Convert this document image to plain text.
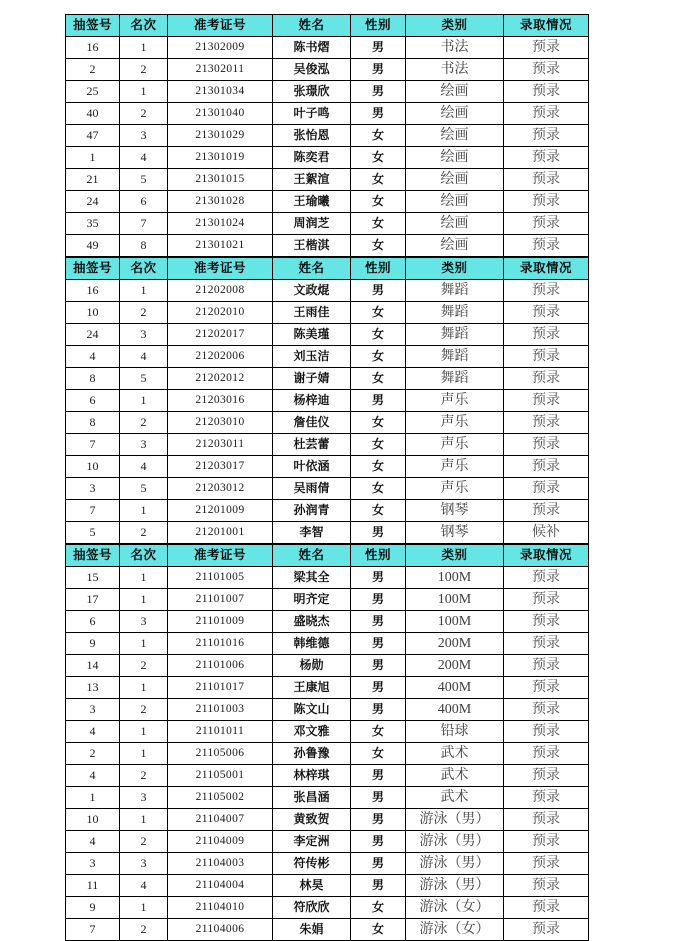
抽签号	名次	准考证号	姓名	性别	类别	录取情况
16	1	21302009	陈书熠	男	书法	预录
2	2	21302011	吴俊泓	男	书法	预录
25	1	21301034	张璟欣	男	绘画	预录
40	2	21301040	叶子鸣	男	绘画	预录
47	3	21301029	张怡恩	女	绘画	预录
1	4	21301019	陈奕君	女	绘画	预录
21	5	21301015	王絮渲	女	绘画	预录
24	6	21301028	王瑜曦	女	绘画	预录
35	7	21301024	周润芝	女	绘画	预录
49	8	21301021	王楷淇	女	绘画	预录
抽签号	名次	准考证号	姓名	性别	类别	录取情况
16	1	21202008	文政焜	男	舞蹈	预录
10	2	21202010	王雨佳	女	舞蹈	预录
24	3	21202017	陈美瑾	女	舞蹈	预录
4	4	21202006	刘玉洁	女	舞蹈	预录
8	5	21202012	谢子婧	女	舞蹈	预录
6	1	21203016	杨梓迪	男	声乐	预录
8	2	21203010	詹佳仪	女	声乐	预录
7	3	21203011	杜芸蕾	女	声乐	预录
10	4	21203017	叶依涵	女	声乐	预录
3	5	21203012	吴雨倩	女	声乐	预录
7	1	21201009	孙润青	女	钢琴	预录
5	2	21201001	李智	男	钢琴	候补
抽签号	名次	准考证号	姓名	性别	类别	录取情况
15	1	21101005	梁其全	男	100M	预录
17	1	21101007	明齐定	男	100M	预录
6	3	21101009	盛晓杰	男	100M	预录
9	1	21101016	韩维德	男	200M	预录
14	2	21101006	杨勋	男	200M	预录
13	1	21101017	王康旭	男	400M	预录
3	2	21101003	陈文山	男	400M	预录
4	1	21101011	邓文雅	女	铅球	预录
2	1	21105006	孙鲁豫	女	武术	预录
4	2	21105001	林梓琪	男	武术	预录
1	3	21105002	张昌涵	男	武术	预录
10	1	21104007	黄致贺	男	游泳（男）	预录
4	2	21104009	李定洲	男	游泳（男）	预录
3	3	21104003	符传彬	男	游泳（男）	预录
11	4	21104004	林昊	男	游泳（男）	预录
9	1	21104010	符欣欣	女	游泳（女）	预录
7	2	21104006	朱娟	女	游泳（女）	预录
